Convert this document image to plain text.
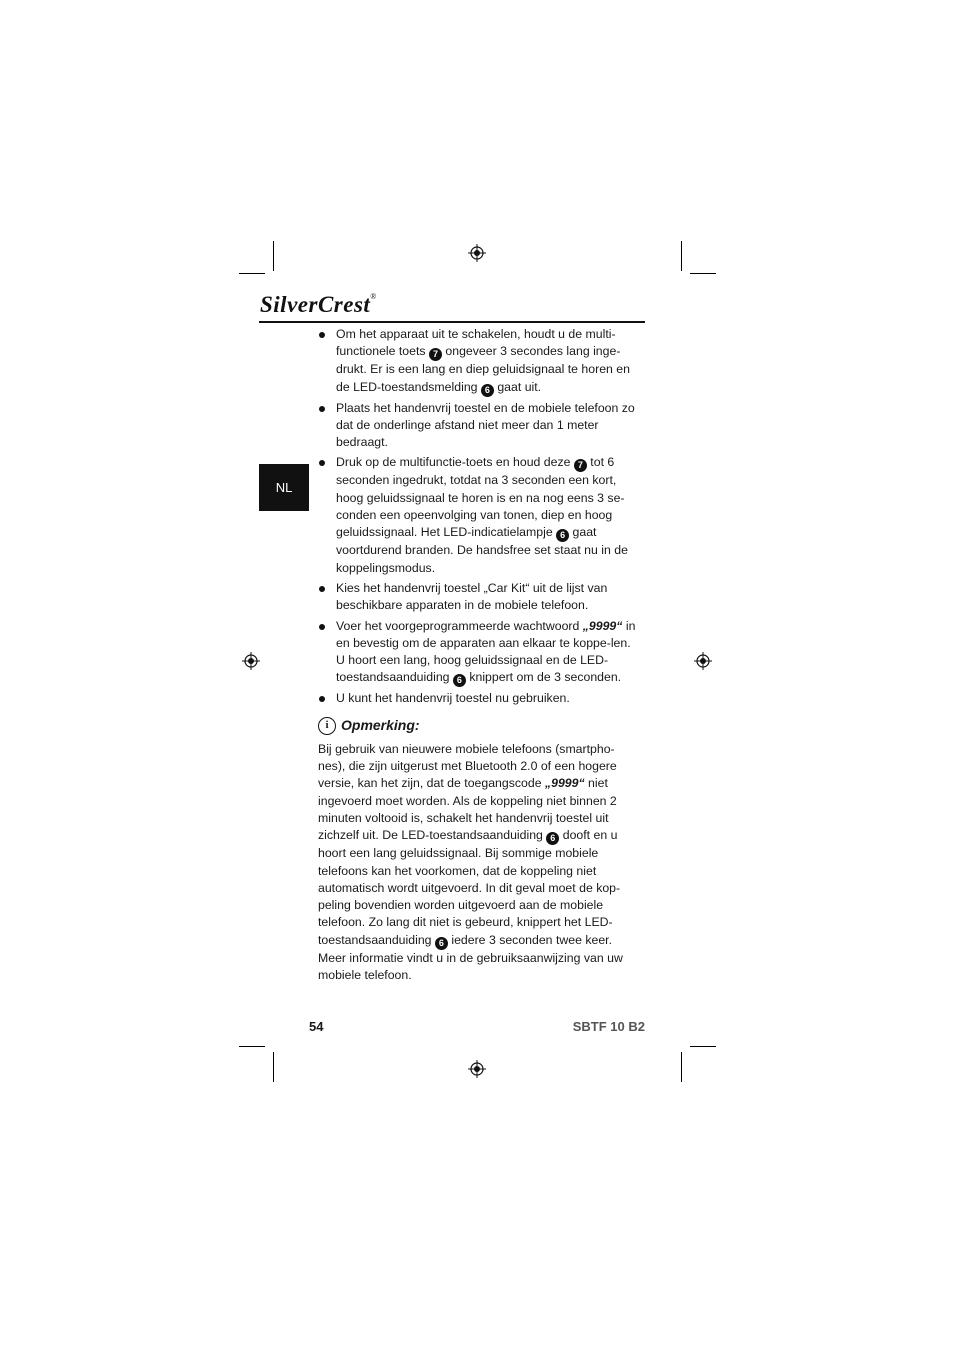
SilverCrest®
NL
Om het apparaat uit te schakelen, houdt u de multi-functionele toets 7 ongeveer 3 secondes lang inge-drukt. Er is een lang en diep geluidsignaal te horen en de LED-toestandsmelding 6 gaat uit.
Plaats het handenvrij toestel en de mobiele telefoon zo dat de onderlinge afstand niet meer dan 1 meter bedraagt.
Druk op de multifunctie-toets en houd deze 7 tot 6 seconden ingedrukt, totdat na 3 seconden een kort, hoog geluidssignaal te horen is en na nog eens 3 se-conden een opeenvolging van tonen, diep en hoog geluidssignaal. Het LED-indicatielampje 6 gaat voortdurend branden. De handsfree set staat nu in de koppelingsmodus.
Kies het handenvrij toestel „Car Kit“ uit de lijst van beschikbare apparaten in de mobiele telefoon.
Voer het voorgeprogrammeerde wachtwoord „9999“ in en bevestig om de apparaten aan elkaar te koppe-len. U hoort een lang, hoog geluidssignaal en de LED-toestandsaanduiding 6 knippert om de 3 seconden.
U kunt het handenvrij toestel nu gebruiken.
i Opmerking:

Bij gebruik van nieuwere mobiele telefoons (smartpho-nes), die zijn uitgerust met Bluetooth 2.0 of een hogere versie, kan het zijn, dat de toegangscode „9999“ niet ingevoerd moet worden. Als de koppeling niet binnen 2 minuten voltooid is, schakelt het handenvrij toestel uit zichzelf uit. De LED-toestandsaanduiding 6 dooft en u hoort een lang geluidssignaal. Bij sommige mobiele telefoons kan het voorkomen, dat de koppeling niet automatisch wordt uitgevoerd. In dit geval moet de kop-peling bovendien worden uitgevoerd aan de mobiele telefoon. Zo lang dit niet is gebeurd, knippert het LED-toestandsaanduiding 6 iedere 3 seconden twee keer. Meer informatie vindt u in de gebruiksaanwijzing van uw mobiele telefoon.

54	SBTF 10 B2
